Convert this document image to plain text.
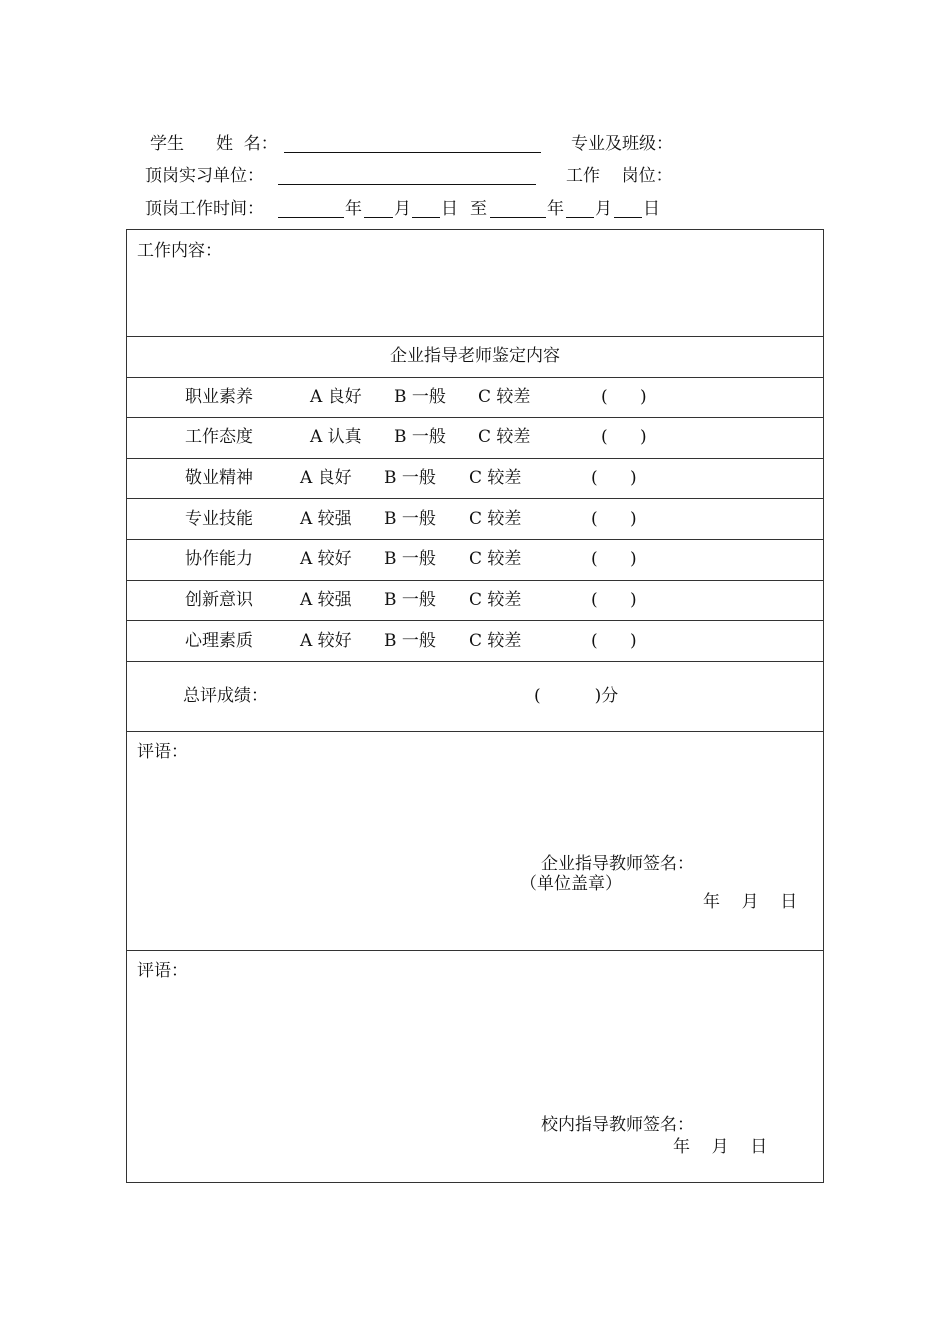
学生 姓  名：	专业及班级：
顶岗实习单位：	工作    岗位：
顶岗工作时间：	年 月 日 至	年 月 日
工作内容：
企业指导老师鉴定内容
职业素养	A 良好 B 一般 C 较差	(      )
工作态度	A 认真 B 一般 C 较差	(      )
敬业精神	A 良好 B 一般 C 较差	(      )
专业技能	A 较强 B 一般 C 较差	(      )
协作能力	A 较好 B 一般 C 较差	(      )
创新意识	A 较强 B 一般 C 较差	(      )
心理素质	A 较好 B 一般 C 较差	(      )
总评成绩：	(          )分
评语：
企业指导教师签名：
（单位盖章）
年    月    日
评语：
校内指导教师签名：
年    月    日
